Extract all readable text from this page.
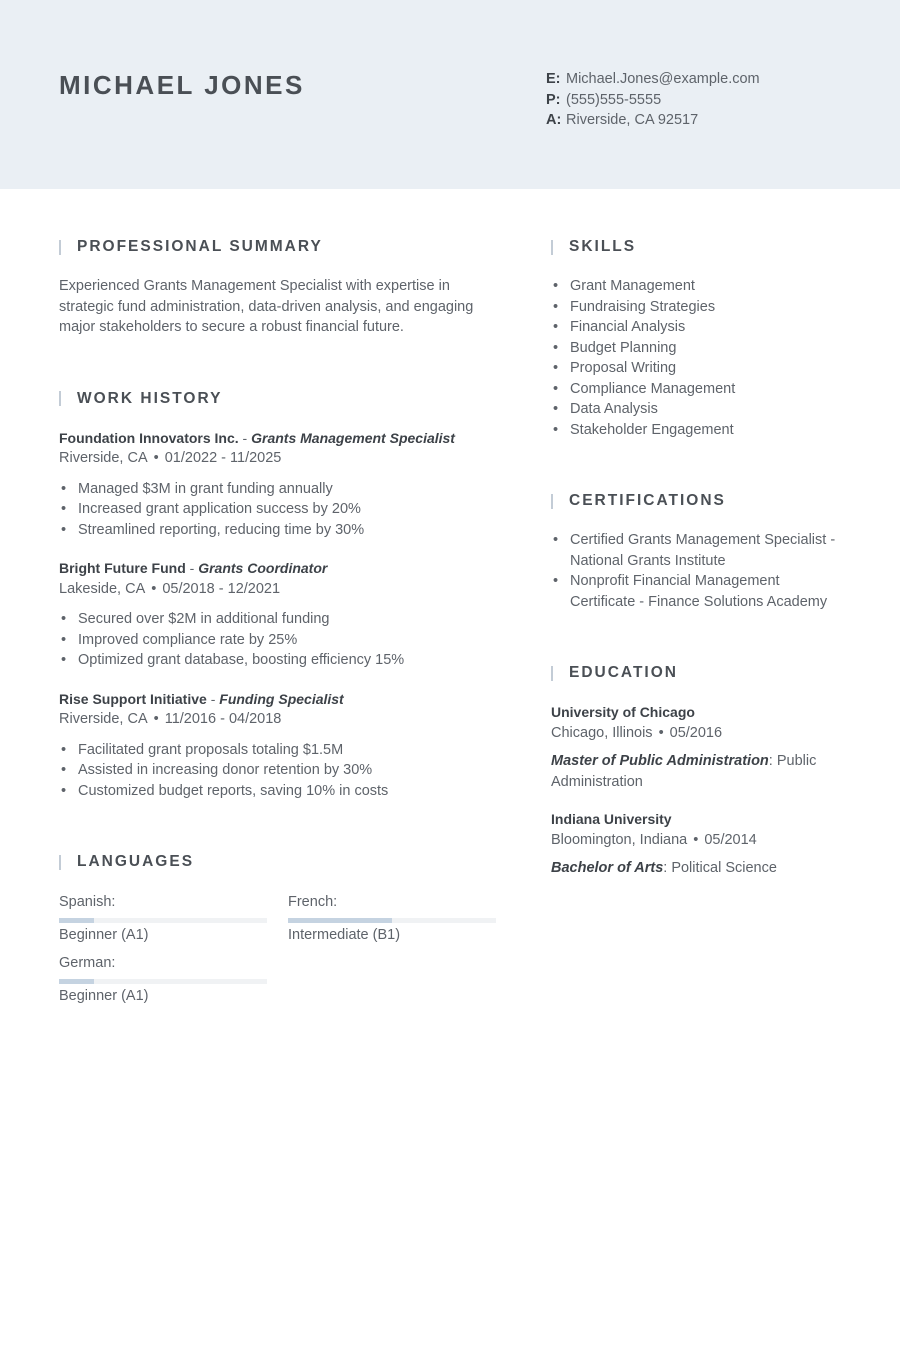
MICHAEL JONES	E: Michael.Jones@example.com
P: (555)555-5555
A: Riverside, CA 92517
PROFESSIONAL SUMMARY
Experienced Grants Management Specialist with expertise in strategic fund administration, data-driven analysis, and engaging major stakeholders to secure a robust financial future.
WORK HISTORY
Foundation Innovators Inc. - Grants Management Specialist
Riverside, CA • 01/2022 - 11/2025
• Managed $3M in grant funding annually
• Increased grant application success by 20%
• Streamlined reporting, reducing time by 30%
Bright Future Fund - Grants Coordinator
Lakeside, CA • 05/2018 - 12/2021
• Secured over $2M in additional funding
• Improved compliance rate by 25%
• Optimized grant database, boosting efficiency 15%
Rise Support Initiative - Funding Specialist
Riverside, CA • 11/2016 - 04/2018
• Facilitated grant proposals totaling $1.5M
• Assisted in increasing donor retention by 30%
• Customized budget reports, saving 10% in costs
LANGUAGES
Spanish:
Beginner (A1)
French:
Intermediate (B1)
German:
Beginner (A1)
SKILLS
• Grant Management
• Fundraising Strategies
• Financial Analysis
• Budget Planning
• Proposal Writing
• Compliance Management
• Data Analysis
• Stakeholder Engagement
CERTIFICATIONS
• Certified Grants Management Specialist - National Grants Institute
• Nonprofit Financial Management Certificate - Finance Solutions Academy
EDUCATION
University of Chicago
Chicago, Illinois • 05/2016
Master of Public Administration: Public Administration
Indiana University
Bloomington, Indiana • 05/2014
Bachelor of Arts: Political Science
